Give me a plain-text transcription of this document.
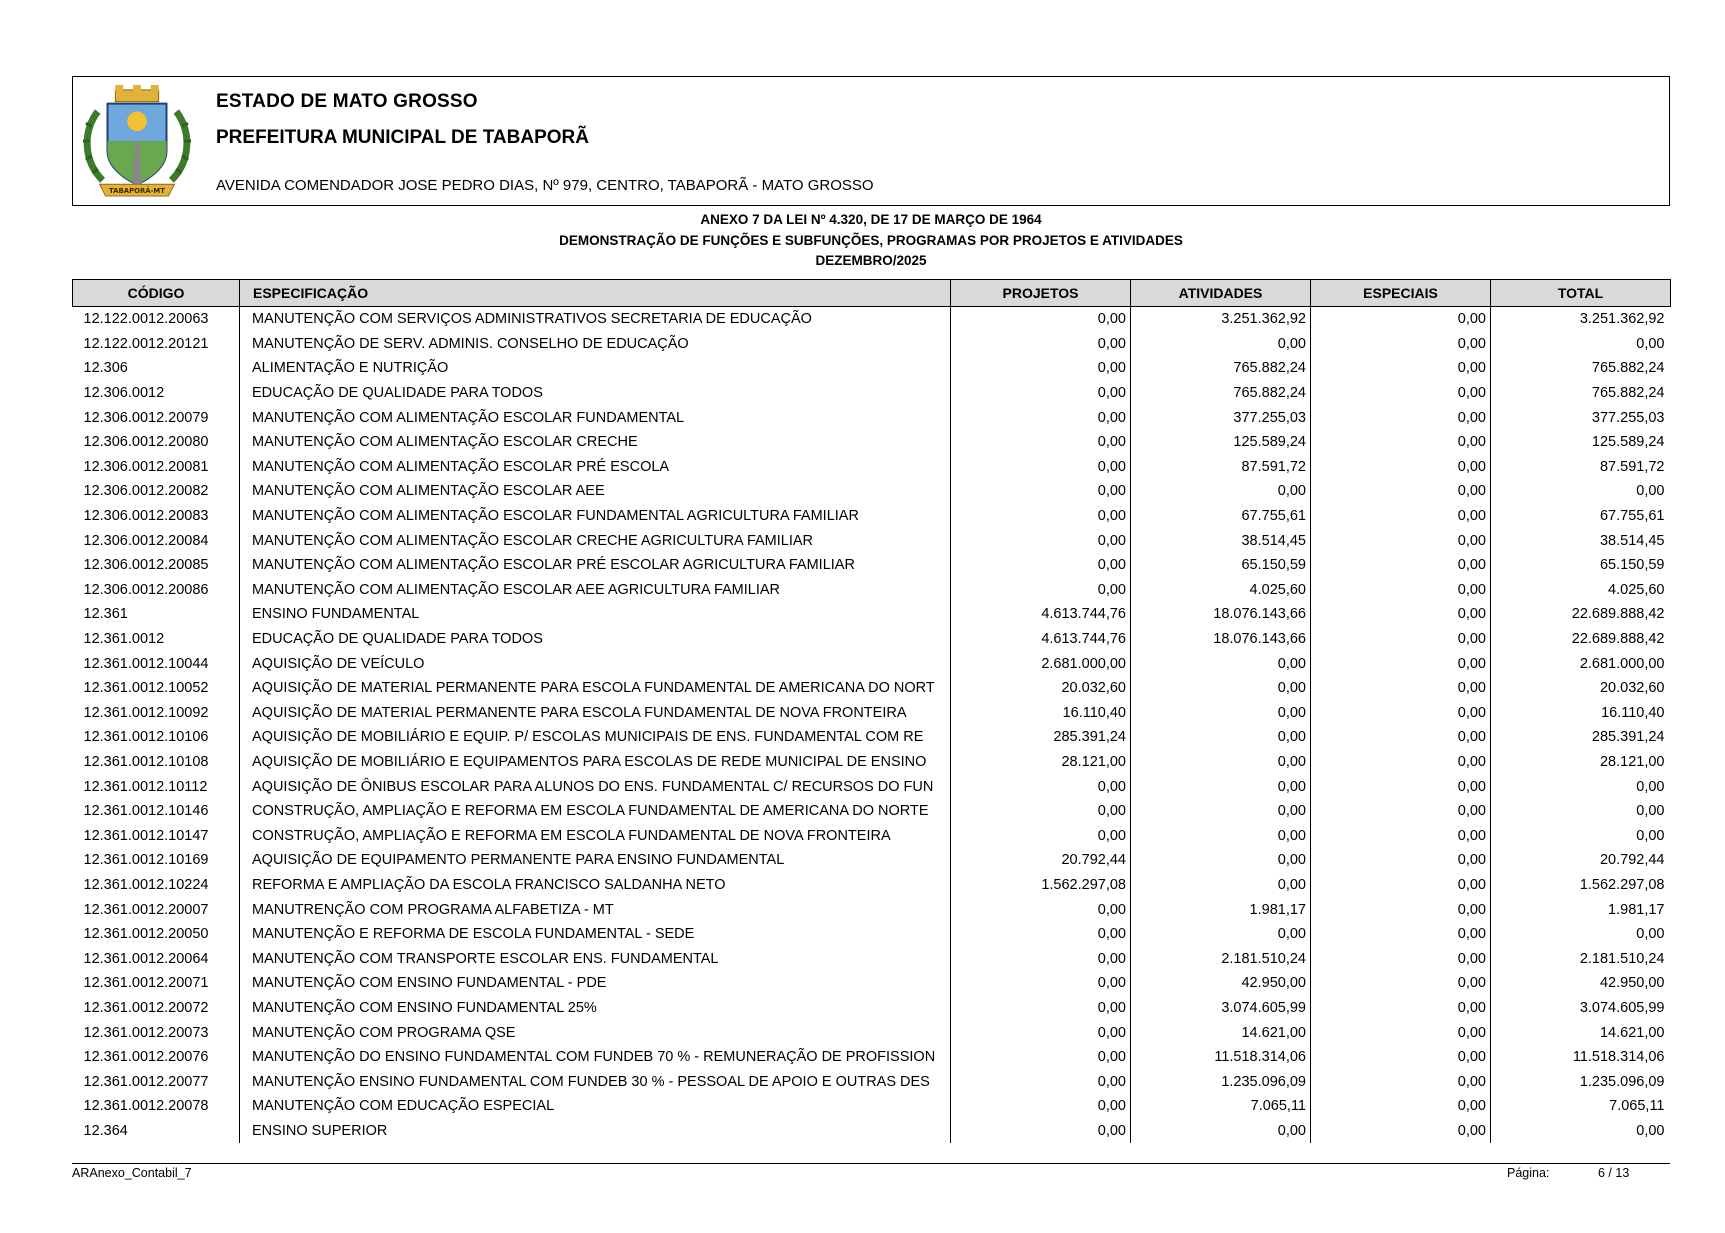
TABAPORÃ-MT
ESTADO DE MATO GROSSO
PREFEITURA MUNICIPAL DE TABAPORÃ
AVENIDA COMENDADOR JOSE PEDRO DIAS, Nº 979, CENTRO, TABAPORÃ - MATO GROSSO
ANEXO 7 DA LEI Nº 4.320, DE 17 DE MARÇO DE 1964
DEMONSTRAÇÃO DE FUNÇÕES E SUBFUNÇÕES, PROGRAMAS POR PROJETOS E ATIVIDADES
DEZEMBRO/2025
CÓDIGO	ESPECIFICAÇÃO	PROJETOS	ATIVIDADES	ESPECIAIS	TOTAL
12.122.0012.20063	MANUTENÇÃO COM SERVIÇOS ADMINISTRATIVOS SECRETARIA DE EDUCAÇÃO	0,00	3.251.362,92	0,00	3.251.362,92
12.122.0012.20121	MANUTENÇÃO DE SERV. ADMINIS. CONSELHO DE EDUCAÇÃO	0,00	0,00	0,00	0,00
12.306	ALIMENTAÇÃO E NUTRIÇÃO	0,00	765.882,24	0,00	765.882,24
12.306.0012	EDUCAÇÃO DE QUALIDADE PARA TODOS	0,00	765.882,24	0,00	765.882,24
12.306.0012.20079	MANUTENÇÃO COM ALIMENTAÇÃO ESCOLAR FUNDAMENTAL	0,00	377.255,03	0,00	377.255,03
12.306.0012.20080	MANUTENÇÃO COM ALIMENTAÇÃO ESCOLAR CRECHE	0,00	125.589,24	0,00	125.589,24
12.306.0012.20081	MANUTENÇÃO COM ALIMENTAÇÃO ESCOLAR PRÉ ESCOLA	0,00	87.591,72	0,00	87.591,72
12.306.0012.20082	MANUTENÇÃO COM ALIMENTAÇÃO ESCOLAR AEE	0,00	0,00	0,00	0,00
12.306.0012.20083	MANUTENÇÃO COM ALIMENTAÇÃO ESCOLAR FUNDAMENTAL AGRICULTURA FAMILIAR	0,00	67.755,61	0,00	67.755,61
12.306.0012.20084	MANUTENÇÃO COM ALIMENTAÇÃO ESCOLAR CRECHE AGRICULTURA FAMILIAR	0,00	38.514,45	0,00	38.514,45
12.306.0012.20085	MANUTENÇÃO COM ALIMENTAÇÃO ESCOLAR PRÉ ESCOLAR AGRICULTURA FAMILIAR	0,00	65.150,59	0,00	65.150,59
12.306.0012.20086	MANUTENÇÃO COM ALIMENTAÇÃO ESCOLAR AEE AGRICULTURA FAMILIAR	0,00	4.025,60	0,00	4.025,60
12.361	ENSINO FUNDAMENTAL	4.613.744,76	18.076.143,66	0,00	22.689.888,42
12.361.0012	EDUCAÇÃO DE QUALIDADE PARA TODOS	4.613.744,76	18.076.143,66	0,00	22.689.888,42
12.361.0012.10044	AQUISIÇÃO DE VEÍCULO	2.681.000,00	0,00	0,00	2.681.000,00
12.361.0012.10052	AQUISIÇÃO DE MATERIAL PERMANENTE PARA ESCOLA FUNDAMENTAL DE AMERICANA DO NORT	20.032,60	0,00	0,00	20.032,60
12.361.0012.10092	AQUISIÇÃO DE MATERIAL PERMANENTE PARA ESCOLA FUNDAMENTAL DE NOVA FRONTEIRA	16.110,40	0,00	0,00	16.110,40
12.361.0012.10106	AQUISIÇÃO DE MOBILIÁRIO E EQUIP. P/ ESCOLAS MUNICIPAIS DE ENS. FUNDAMENTAL COM RE	285.391,24	0,00	0,00	285.391,24
12.361.0012.10108	AQUISIÇÃO DE MOBILIÁRIO E EQUIPAMENTOS PARA ESCOLAS DE REDE MUNICIPAL DE ENSINO	28.121,00	0,00	0,00	28.121,00
12.361.0012.10112	AQUISIÇÃO DE ÔNIBUS ESCOLAR PARA ALUNOS DO ENS. FUNDAMENTAL C/ RECURSOS DO FUN	0,00	0,00	0,00	0,00
12.361.0012.10146	CONSTRUÇÃO, AMPLIAÇÃO E REFORMA EM ESCOLA FUNDAMENTAL DE AMERICANA DO NORTE	0,00	0,00	0,00	0,00
12.361.0012.10147	CONSTRUÇÃO, AMPLIAÇÃO E REFORMA EM ESCOLA FUNDAMENTAL DE NOVA FRONTEIRA	0,00	0,00	0,00	0,00
12.361.0012.10169	AQUISIÇÃO DE EQUIPAMENTO PERMANENTE PARA ENSINO FUNDAMENTAL	20.792,44	0,00	0,00	20.792,44
12.361.0012.10224	REFORMA E AMPLIAÇÃO DA ESCOLA FRANCISCO SALDANHA NETO	1.562.297,08	0,00	0,00	1.562.297,08
12.361.0012.20007	MANUTRENÇÃO COM PROGRAMA ALFABETIZA - MT	0,00	1.981,17	0,00	1.981,17
12.361.0012.20050	MANUTENÇÃO E REFORMA DE ESCOLA FUNDAMENTAL - SEDE	0,00	0,00	0,00	0,00
12.361.0012.20064	MANUTENÇÃO COM TRANSPORTE ESCOLAR ENS. FUNDAMENTAL	0,00	2.181.510,24	0,00	2.181.510,24
12.361.0012.20071	MANUTENÇÃO COM ENSINO FUNDAMENTAL - PDE	0,00	42.950,00	0,00	42.950,00
12.361.0012.20072	MANUTENÇÃO COM ENSINO FUNDAMENTAL 25%	0,00	3.074.605,99	0,00	3.074.605,99
12.361.0012.20073	MANUTENÇÃO COM PROGRAMA QSE	0,00	14.621,00	0,00	14.621,00
12.361.0012.20076	MANUTENÇÃO DO ENSINO FUNDAMENTAL COM FUNDEB 70 % - REMUNERAÇÃO DE PROFISSION	0,00	11.518.314,06	0,00	11.518.314,06
12.361.0012.20077	MANUTENÇÃO ENSINO FUNDAMENTAL COM FUNDEB 30 % - PESSOAL DE APOIO E OUTRAS DES	0,00	1.235.096,09	0,00	1.235.096,09
12.361.0012.20078	MANUTENÇÃO COM EDUCAÇÃO ESPECIAL	0,00	7.065,11	0,00	7.065,11
12.364	ENSINO SUPERIOR	0,00	0,00	0,00	0,00
ARAnexo_Contabil_7	Página:	6 / 13
